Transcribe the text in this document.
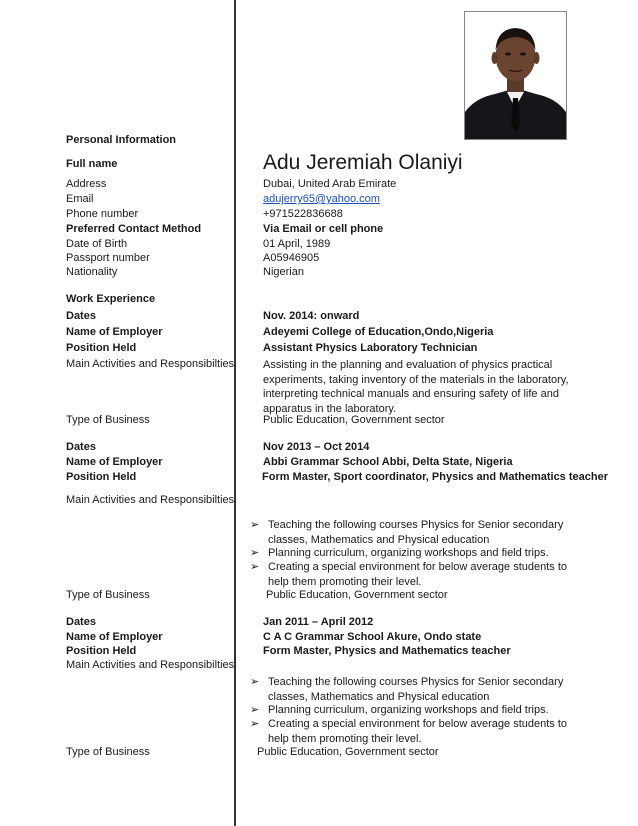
Personal Information
Full name	Adu Jeremiah Olaniyi
Address	Dubai, United Arab Emirate
Email	adujerry65@yahoo.com
Phone number	+971522836688
Preferred Contact Method	Via Email or cell phone
Date of Birth	01 April, 1989
Passport number	A05946905
Nationality	Nigerian
Work Experience
Dates	Nov. 2014: onward
Name of Employer	Adeyemi College of Education,Ondo,Nigeria
Position Held	Assistant Physics Laboratory Technician
Main Activities and Responsibilties	Assisting in the planning and evaluation of physics practical experiments, taking inventory of the materials in the laboratory, interpreting technical manuals and ensuring safety of life and apparatus in the laboratory.
Type of Business	Public Education, Government sector
Dates	Nov 2013 – Oct 2014
Name of Employer	Abbi Grammar School Abbi, Delta State, Nigeria
Position Held	Form Master, Sport coordinator, Physics and Mathematics teacher
Main Activities and Responsibilties
➢ Teaching the following courses Physics for Senior secondary classes, Mathematics and Physical education
➢ Planning curriculum, organizing workshops and field trips.
➢ Creating a special environment for below average students to help them promoting their level.
Type of Business	Public Education, Government sector
Dates	Jan 2011 – April 2012
Name of Employer	C A C Grammar School Akure, Ondo state
Position Held	Form Master, Physics and Mathematics teacher
Main Activities and Responsibilties
➢ Teaching the following courses Physics for Senior secondary classes, Mathematics and Physical education
➢ Planning curriculum, organizing workshops and field trips.
➢ Creating a special environment for below average students to help them promoting their level.
Type of Business	Public Education, Government sector
